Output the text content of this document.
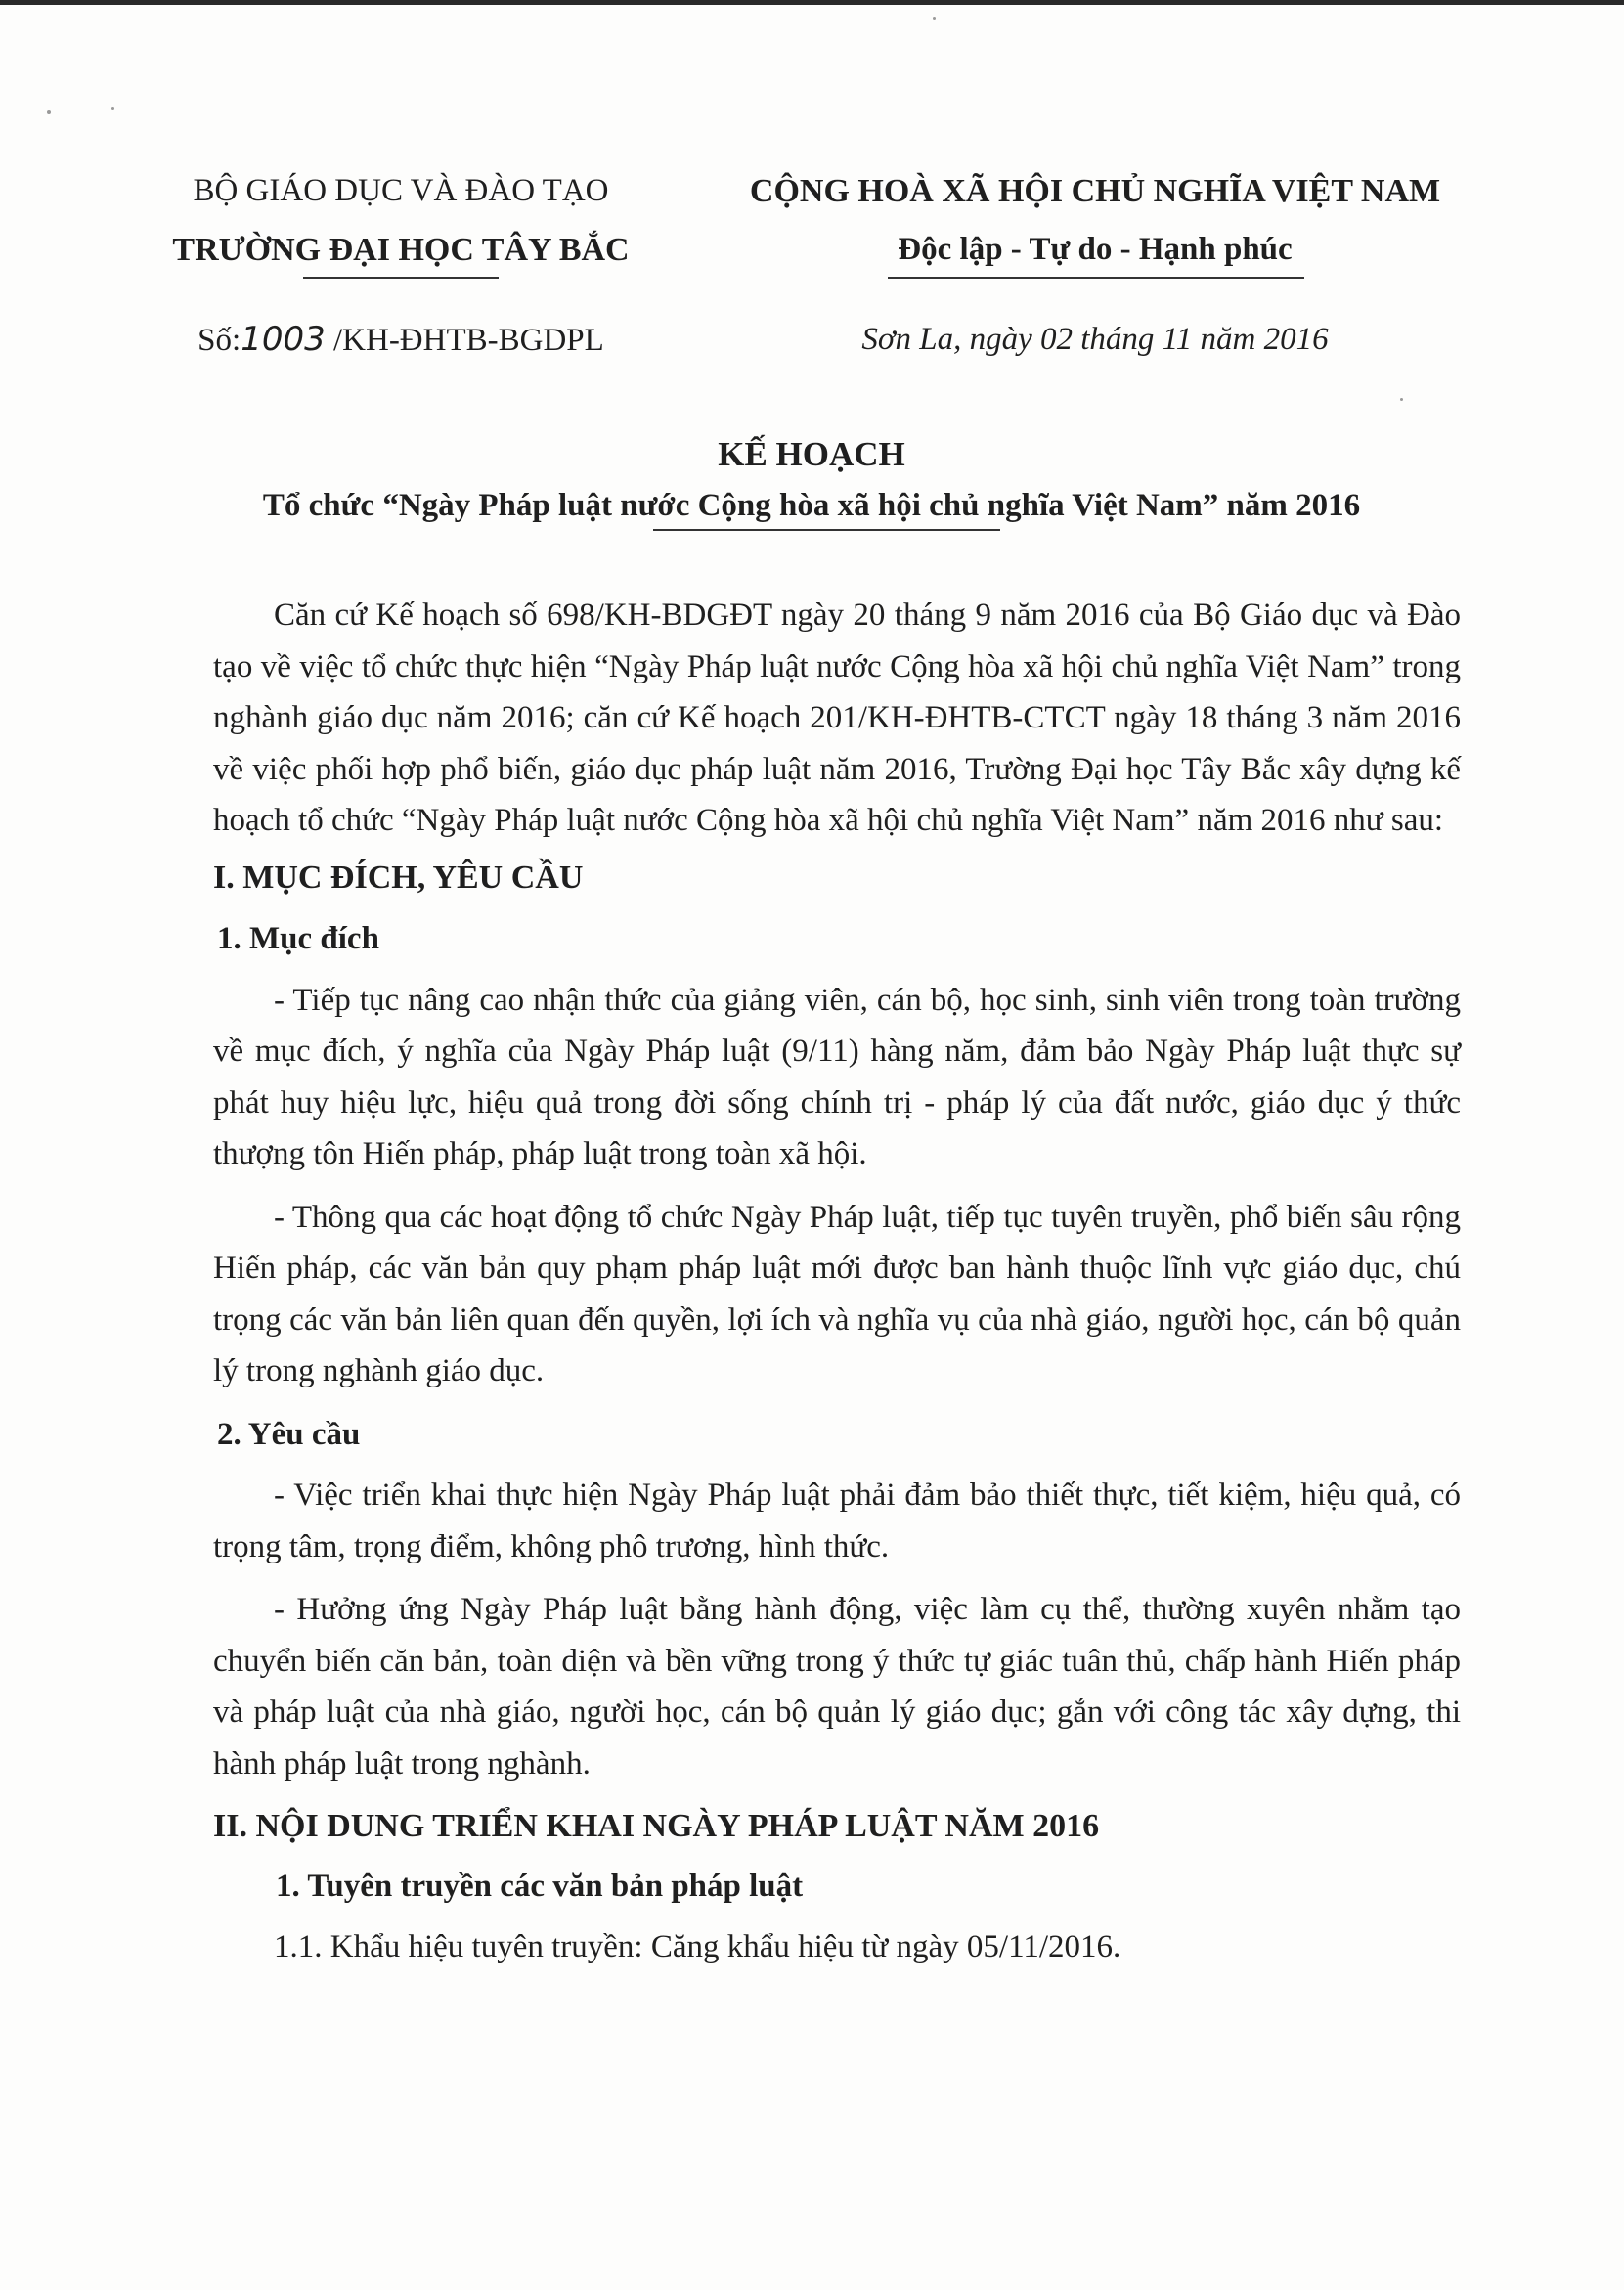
BỘ GIÁO DỤC VÀ ĐÀO TẠO
TRƯỜNG ĐẠI HỌC TÂY BẮC
Số:1003 /KH-ĐHTB-BGDPL
CỘNG HOÀ XÃ HỘI CHỦ NGHĨA VIỆT NAM
Độc lập - Tự do - Hạnh phúc
Sơn La, ngày 02 tháng 11 năm 2016
KẾ HOẠCH
Tổ chức “Ngày Pháp luật nước Cộng hòa xã hội chủ nghĩa Việt Nam” năm 2016

Căn cứ Kế hoạch số 698/KH-BDGĐT ngày 20 tháng 9 năm 2016 của Bộ Giáo dục và Đào tạo về việc tổ chức thực hiện “Ngày Pháp luật nước Cộng hòa xã hội chủ nghĩa Việt Nam” trong nghành giáo dục năm 2016; căn cứ Kế hoạch 201/KH-ĐHTB-CTCT ngày 18 tháng 3 năm 2016 về việc phối hợp phổ biến, giáo dục pháp luật năm 2016, Trường Đại học Tây Bắc xây dựng kế hoạch tổ chức “Ngày Pháp luật nước Cộng hòa xã hội chủ nghĩa Việt Nam” năm 2016 như sau:

I. MỤC ĐÍCH, YÊU CẦU
1. Mục đích

- Tiếp tục nâng cao nhận thức của giảng viên, cán bộ, học sinh, sinh viên trong toàn trường về mục đích, ý nghĩa của Ngày Pháp luật (9/11) hàng năm, đảm bảo Ngày Pháp luật thực sự phát huy hiệu lực, hiệu quả trong đời sống chính trị - pháp lý của đất nước, giáo dục ý thức thượng tôn Hiến pháp, pháp luật trong toàn xã hội.

- Thông qua các hoạt động tổ chức Ngày Pháp luật, tiếp tục tuyên truyền, phổ biến sâu rộng Hiến pháp, các văn bản quy phạm pháp luật mới được ban hành thuộc lĩnh vực giáo dục, chú trọng các văn bản liên quan đến quyền, lợi ích và nghĩa vụ của nhà giáo, người học, cán bộ quản lý trong nghành giáo dục.

2. Yêu cầu

- Việc triển khai thực hiện Ngày Pháp luật phải đảm bảo thiết thực, tiết kiệm, hiệu quả, có trọng tâm, trọng điểm, không phô trương, hình thức.

- Hưởng ứng Ngày Pháp luật bằng hành động, việc làm cụ thể, thường xuyên nhằm tạo chuyển biến căn bản, toàn diện và bền vững trong ý thức tự giác tuân thủ, chấp hành Hiến pháp và pháp luật của nhà giáo, người học, cán bộ quản lý giáo dục; gắn với công tác xây dựng, thi hành pháp luật trong nghành.

II. NỘI DUNG TRIỂN KHAI NGÀY PHÁP LUẬT NĂM 2016
1. Tuyên truyền các văn bản pháp luật

1.1. Khẩu hiệu tuyên truyền: Căng khẩu hiệu từ ngày 05/11/2016.
